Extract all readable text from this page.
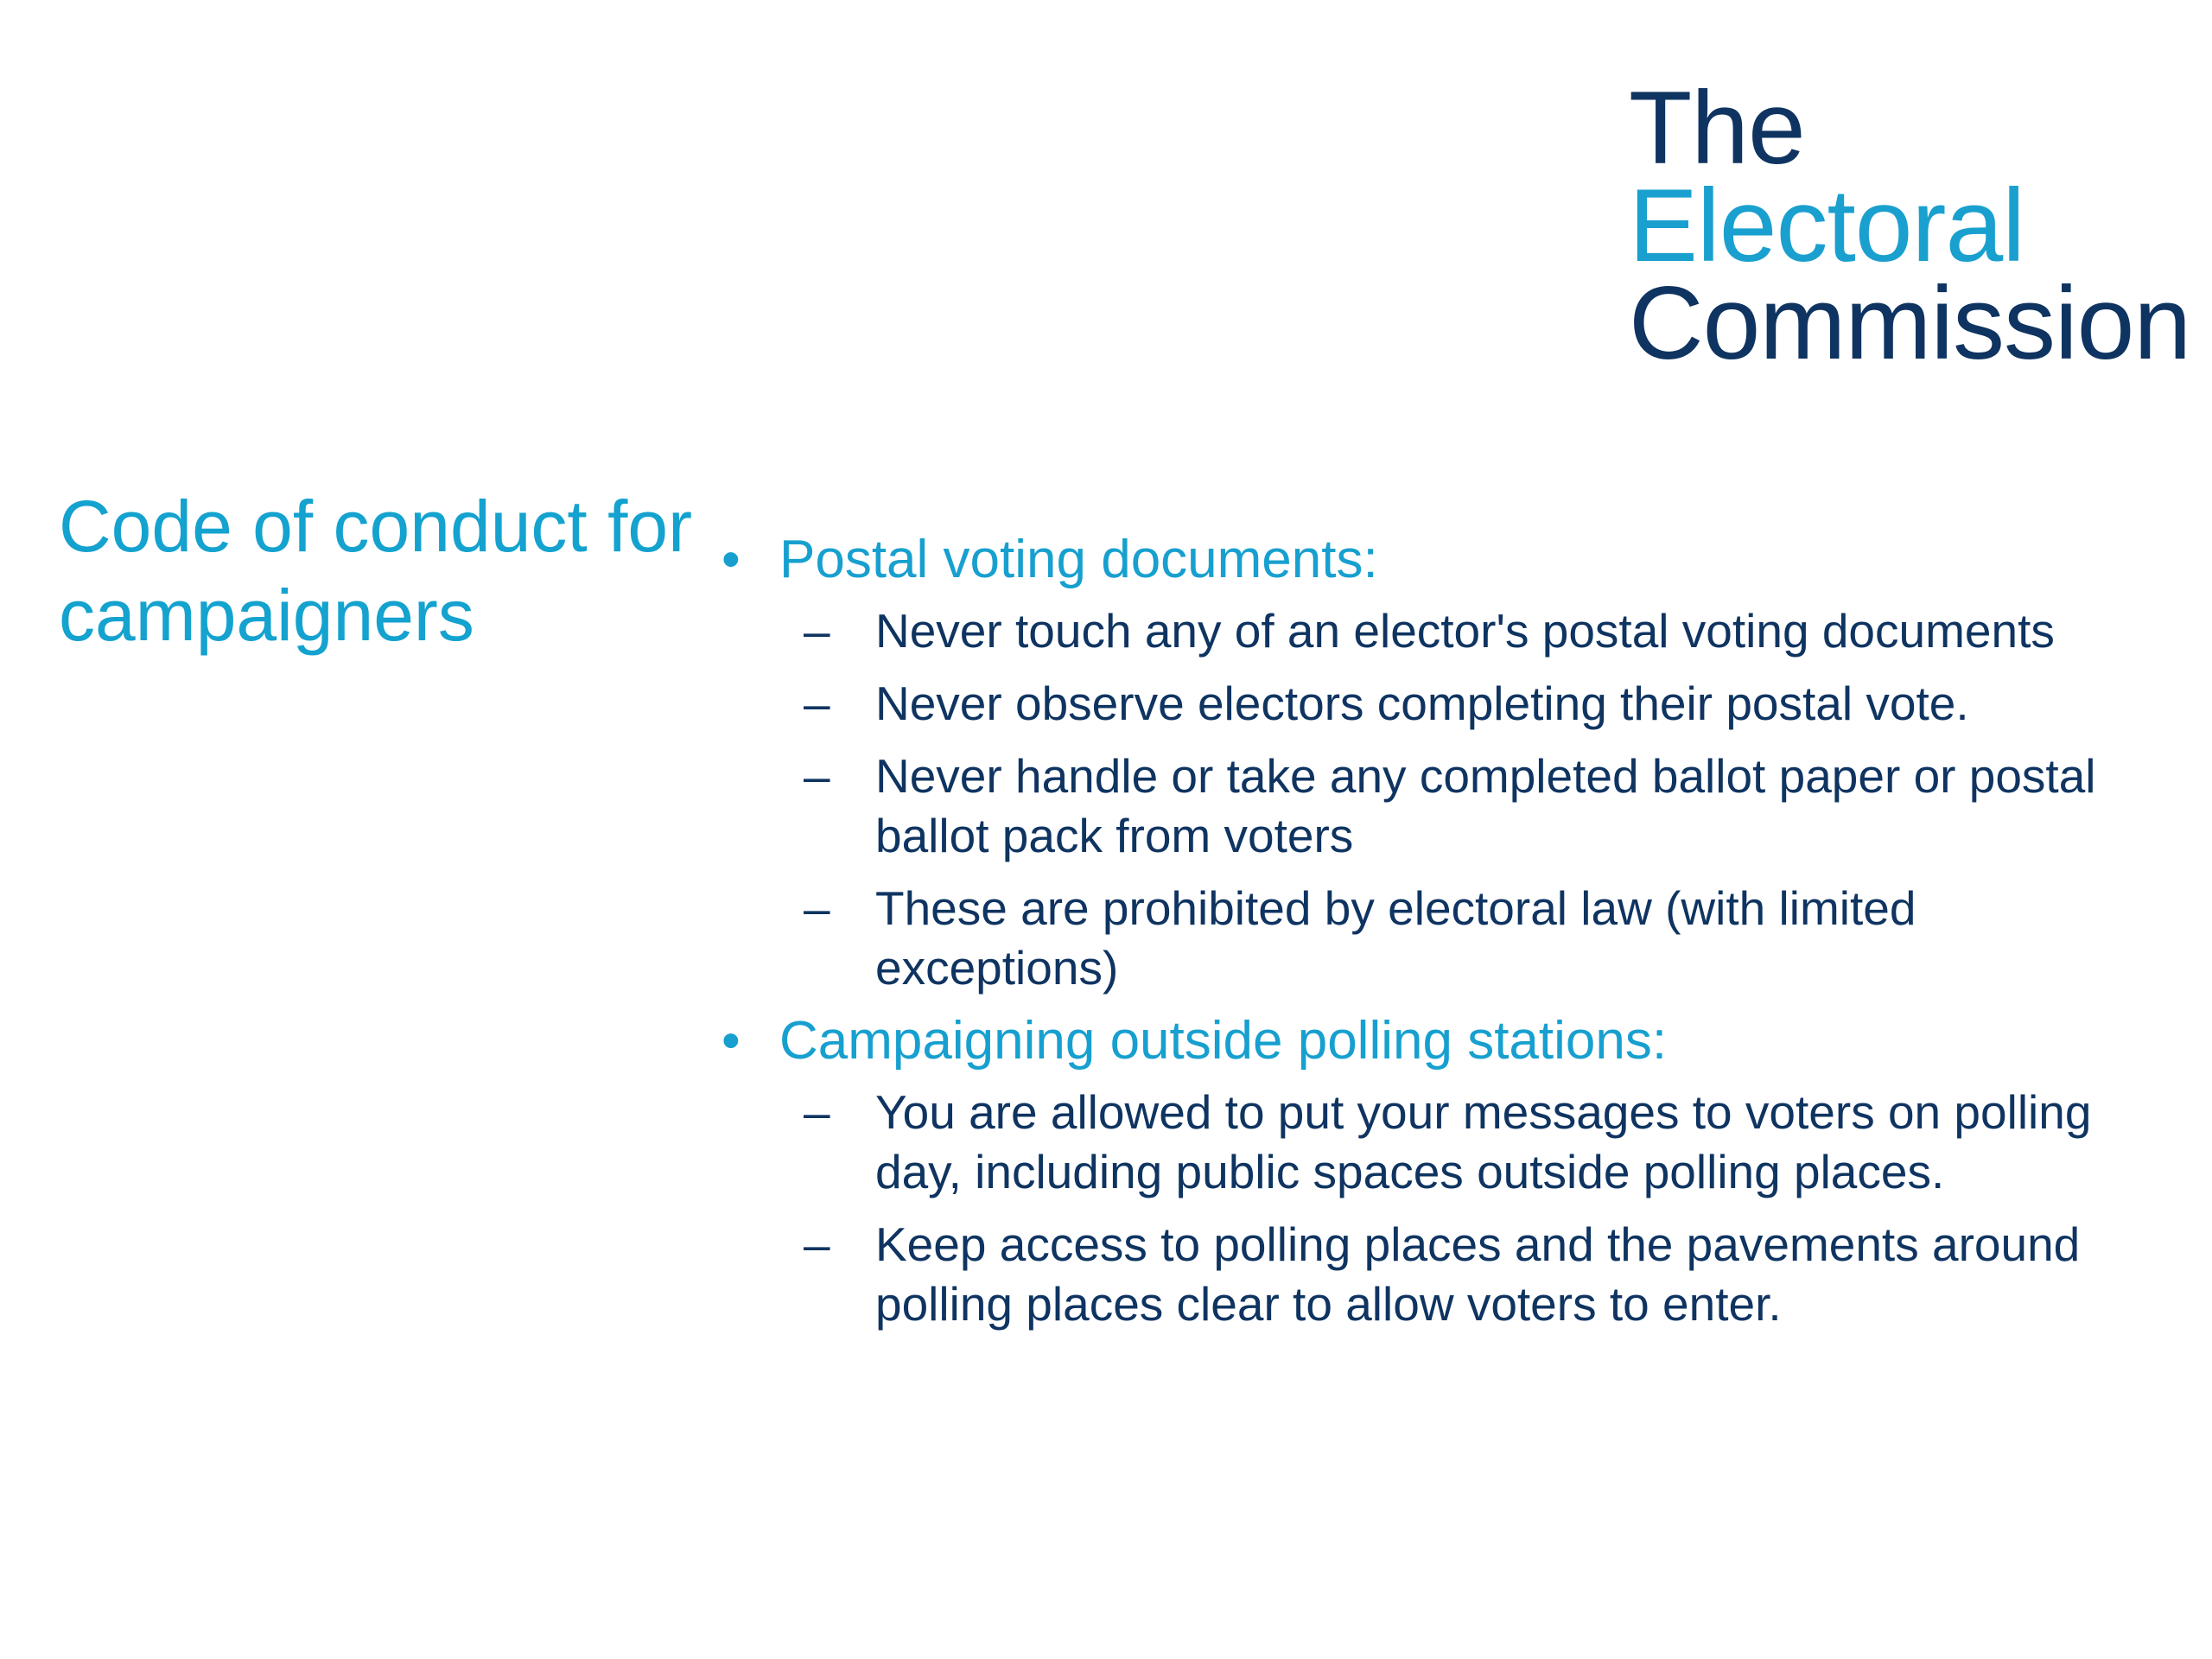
The
Electoral
Commission
Code of conduct for
campaigners
• Postal voting documents:
– Never touch any of an elector's postal voting documents
– Never observe electors completing their postal vote.
– Never handle or take any completed ballot paper or postal
ballot pack from voters
– These are prohibited by electoral law (with limited
exceptions)
• Campaigning outside polling stations:
– You are allowed to put your messages to voters on polling
day, including public spaces outside polling places.
– Keep access to polling places and the pavements around
polling places clear to allow voters to enter.
